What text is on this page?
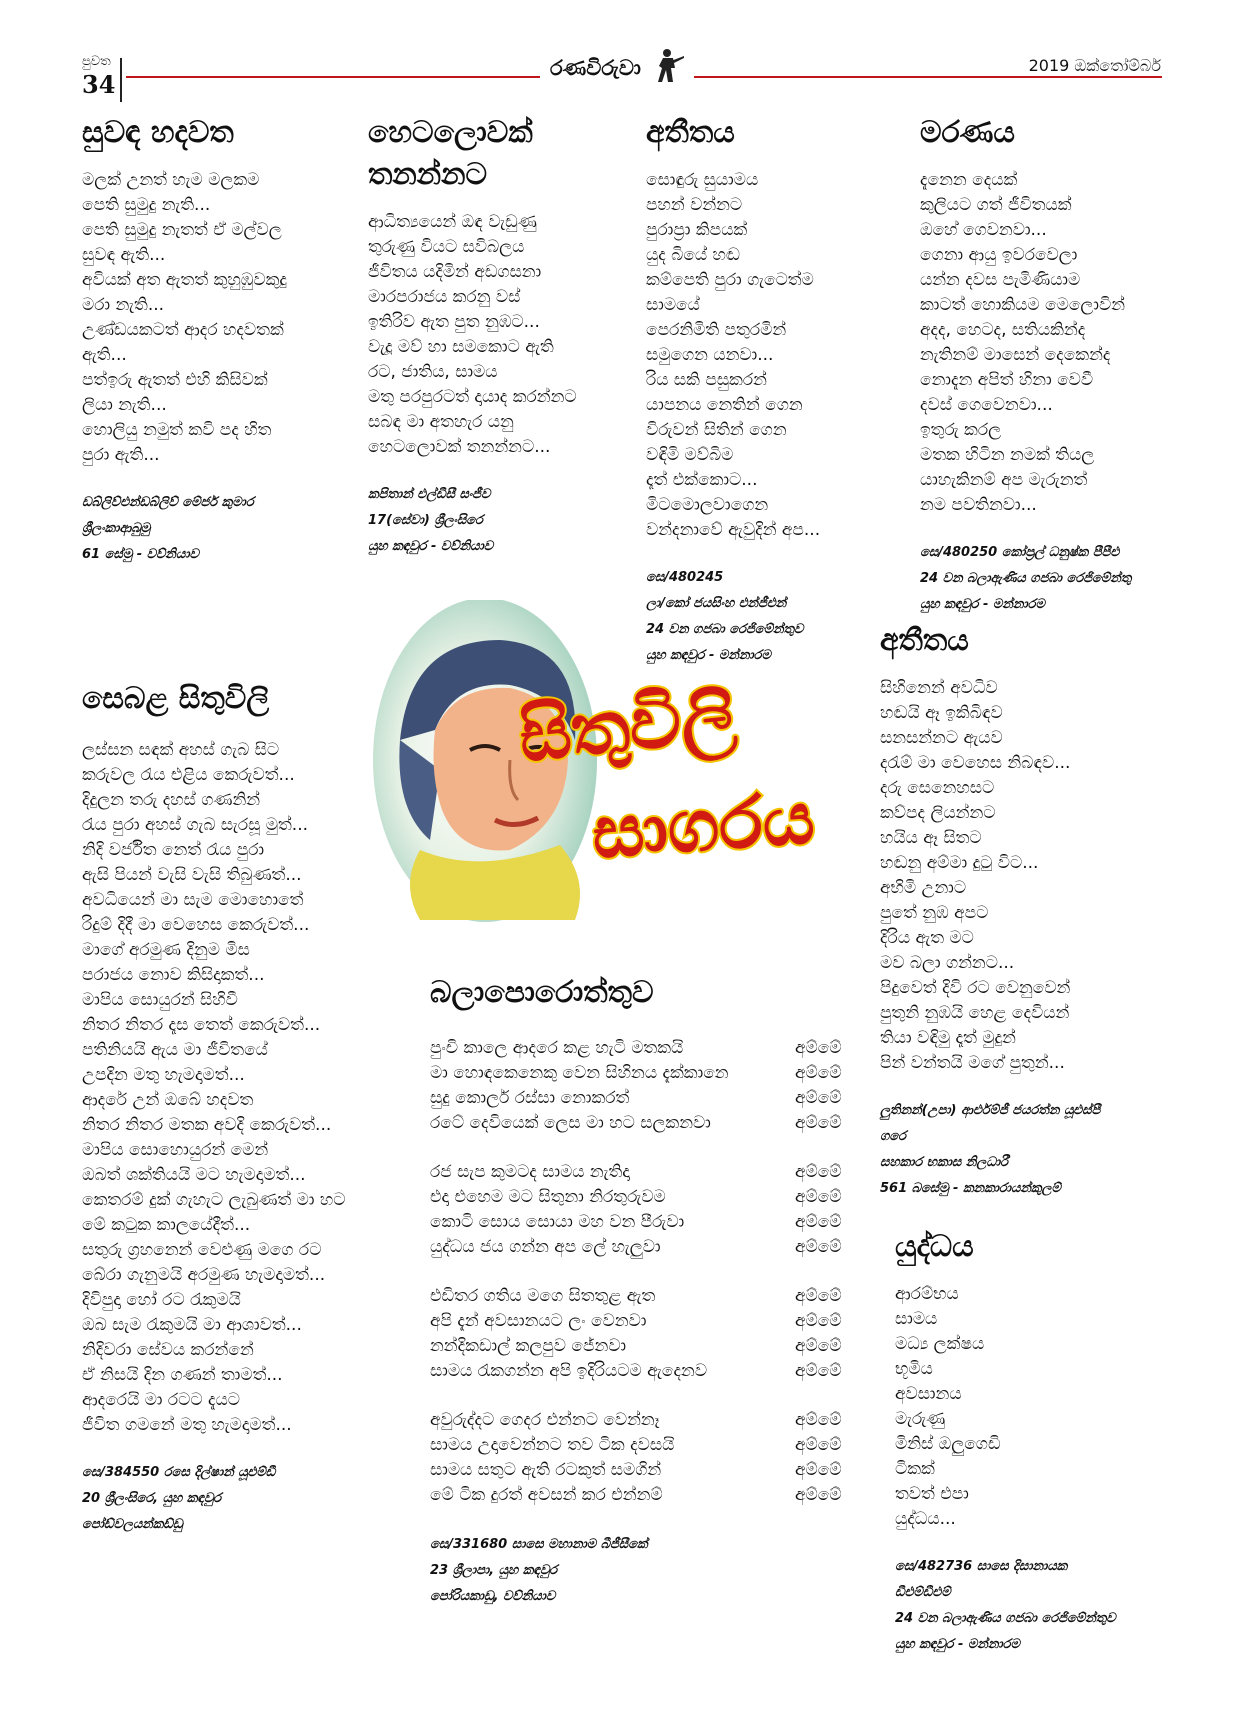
පුවත
34
රණවිරුවා	2019 ඔක්තෝම්බර්
සුවඳ හදවත
මලක් උනත් හැම මලකම
පෙති සුමුදු නැති...
පෙති සුමුදු නැතත් ඒ මල්වල
සුවඳ ඇති...
අවියක් අත ඇතත් කුහුඹුවකුදු
මරා නැති...
උණ්ඩයකටත් ආදර හදවතක්
ඇති...
පත්ඉරු ඇතත් එහි කිසිවක්
ලියා නැති...
හොලියු නමුත් කවි පද හිත
පුරා ඇති...
ඩබ්ලිව්එන්ඩබ්ලිව් මේජර් කුමාර
ශ්‍රීලංකාආබුමු
61 සේමු - වව්නියාව
හෙටලොවක් තනන්නට
ආධිත්‍යයෙන් ඔඳ වැඩුණු
තුරුණු වියට සවිබලය
ජීවිතය යදිමින් අඩගසනා
මාරපරාජය කරනු වස්
ඉතිරිව ඇත පුත නුඹට...
වැදූ මව් හා සමකොට ඇති
රට, ජාතිය, සාමය
මතු පරපුරටත් දායාද කරන්නට
සබඳ මා අතහැර යනු
හෙටලොවක් තනන්නට...
කපිතාන් එල්ඩීසී සංජීව
17(සේවා) ශ්‍රීලංසිරෙ
යුහ කඳවුර - වව්නියාව
අතීතය
සොඳුරු සුයාමය
පහන් වන්නට
පුරාප්‍රා කිපයක්
යුද බියේ හඬ
කම්පෙති පුරා ගැටෙත්ම
සාමයේ
පෙරනිමිති පතුරමින්
සමුගෙන යනවා...
රිය සකි පසුකරන්
යාපනය නෙතින් ගෙන
විරුවන් සිතින් ගෙන
වඳිමි මව්බිම
දෑත් එක්කොට...
මිටමොලවාගෙන
වන්දනාවේ ඇවුදින් අප...
සෙ/480245
ලා/කෝ ජයසිංහ එන්ජීඑන්
24 වන ගජබා රෙජිමේන්තුව
යුහ කඳවුර - මන්නාරම
මරණය
දැනෙන දෙයක්
කුලියට ගත් ජීවිතයක්
ඔහේ ගෙවනවා...
ගෙනා ආයු ඉවරවෙලා
යන්න දවස පැමිණියාම
කාටත් හොකියම මෙලොවින්
අදද, හෙටද, සතියකින්ද
නැතිනම් මාසෙන් දෙකෙන්ද
නොදැන අපිත් හිනා වෙවී
දවස් ගෙවෙනවා...
ඉතුරු කරල
මතක හිටින නමක් තියල
යාහැකිනම් අප මැරුනත්
නම පවතිනවා...
සෙ/480250 කෝප්‍රල් ධනුෂ්ක පීපීඑ
24 වන බලාඇණිය ගජබා රෙජිමේන්තු
යුහ කඳවුර - මන්නාරම
සෙබළ සිතුවිලි
ලස්සන සඳක් අහස් ගැබ සිට
කරුවල රැය එළිය කෙරුවත්...
දිදුලන තරු දහස් ගණනින්
රැය පුරා අහස් ගැබ සැරසූ මුත්...
නිදි වර්ජිත නෙත් රැය පුරා
ඇසි පියන් වැසි වැසි තිබුණත්...
අවධියෙන් මා සැම මොහොතේ
රිදුම් දිදී මා වෙහෙස කෙරුවත්...
මාගේ අරමුණ දිනුම මිස
පරාජය නොව කිසිදාකත්...
මාපිය සොයුරන් සිහිවී
නිතර නිතර දෑස තෙත් කෙරුවත්...
පතිනියයි ඇය මා ජීවිතයේ
උපදින මතු හැමදාමත්...
ආදරේ උන් ඔබේ හදවත
නිතර නිතර මතක අවදි කෙරුවත්...
මාපිය සොහොයුරන් මෙන්
ඔබත් ශක්තියයි මට හැමදාමත්...
කෙතරම් දුක් ගැහැට ලැබුණත් මා හට
මේ කටුක කාලයේදීත්...
සතුරු ග්‍රහනෙන් වෙළුණු මගෙ රට
බේරා ගැනුමයි අරමුණ හැමදාමත්...
දිවිපුදා හෝ රට රැකුමයි
ඔබ සැම රැකුමයි මා ආශාවත්...
නිදිවරා සේවය කරන්නේ
ඒ නිසයි දින ගණන් තාමත්...
ආදරෙයි මා රටට දැයට
ජීවිත ගමනේ මතු හැමදාමත්...
සෙ/384550 රසෙ දිල්ෂාන් යූඑම්ඩී
20 ශ්‍රීලංසිරෙ, යුහ කඳවුර
පෝඩ්වලයන්කඩ්ඩු
සිතුවිලි
සාගරය
අතීතය
සිහිනෙන් අවධිව
හඬයි ඈ ඉකිබිඳව
සනසන්නට ඇයව
දරැම් මා වෙහෙස නිබඳව...
දරු සෙනෙහසට
කව්පද ලියන්නට
හයිය ඈ සිතට
හඬනු අම්මා දුටු විට...
අභිමි උනාට
පුතේ නුඹ අපට
දිරිය ඇත මට
මව බලා ගන්නට...
පිදුවෙත් දිවි රට වෙනුවෙන්
පුතුනි නුඹයි හෙළ දෙවියන්
තියා වඳිමු දෑත් මුදුන්
පින් වන්තයි මගේ පුතුන්...
ලුතිනන්(උපා) ආර්එම්ජී ජයරත්න යූඑස්පී
ගරෙ
සහකාර භකාස නිලධාරී
561 බසේමු - කනකාරායන්කුලම්
යුද්ධය
ආරම්භය
සාමය
මධ්‍ය ලක්ෂය
භූමිය
අවසානය
මැරුණු
මිනිස් ඔලුගෙඩි
ටිකක්
තවත් එපා
යුද්ධය...
සෙ/482736 සාසෙ දිසානායක
ඩීඑම්ඩීඑම්
24 වන බලාඇණිය ගජබා රෙජිමේන්තුව
යුහ කඳවුර - මන්නාරම
බලාපොරොත්තුව
පුංචි කාලෙ ආදරෙ කළ හැටි මතකයි	අම්මේ
මා හොඳකෙනෙකු වෙන සිහිනය දැක්කානෙ	අම්මේ
සුදු කොලර් රස්සා නොකරත්	අම්මේ
රටේ දෙවියෙක් ලෙස මා හට සලකනවා	අම්මේ
රජ සැප කුමටද සාමය නැතිදා	අම්මේ
එදා එහෙම මට සිතුනා නිරතුරුවම	අම්මේ
කොටි සොය සොයා මහ වන පීරුවා	අම්මේ
යුද්ධය ජය ගන්න අප ලේ හැලුවා	අම්මේ
එඩිතර ගතිය මගෙ සිතතුළ ඇත	අම්මේ
අපි දැන් අවසානයට ලං වෙනවා	අම්මේ
නන්දිකඩාල් කලපුව ජේනවා	අම්මේ
සාමය රැකගන්න අපි ඉදිරියටම ඇදෙනව	අම්මේ
අවුරුද්දට ගෙදර එන්නට වෙන්නෑ	අම්මේ
සාමය උදාවෙන්නට තව ටික දවසයි	අම්මේ
සාමය සතුට ඇති රටකුත් සමගින්	අම්මේ
මේ ටික දුරත් අවසන් කර එන්නම්	අම්මේ
සෙ/331680 සාසෙ මහානාම බීජීසීකේ
23 ශ්‍රීලාපා, යුහ කඳවුර
පෝරියකාඩු, වව්නියාව
